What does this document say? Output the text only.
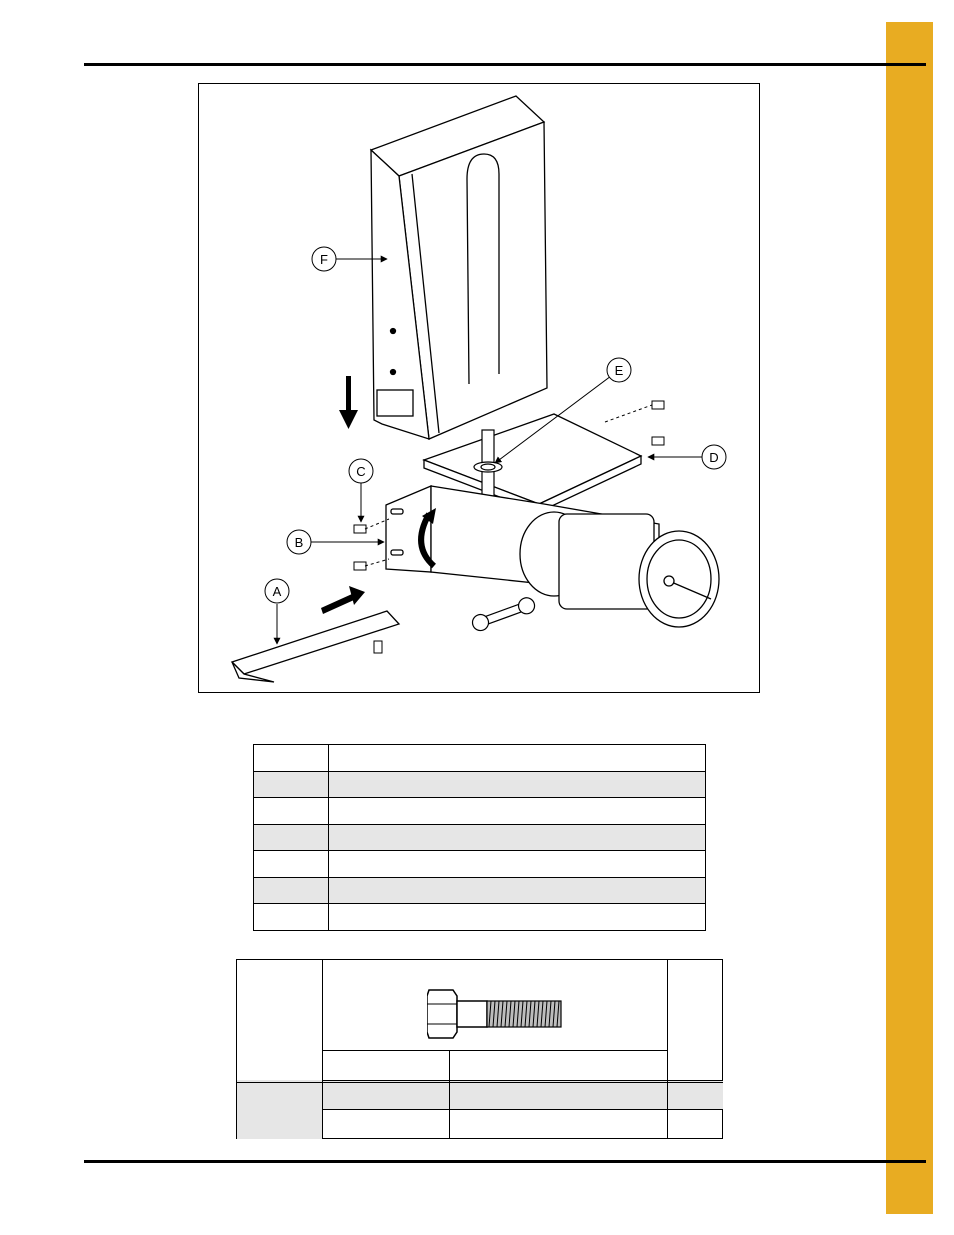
F
B
C
D
E
A
